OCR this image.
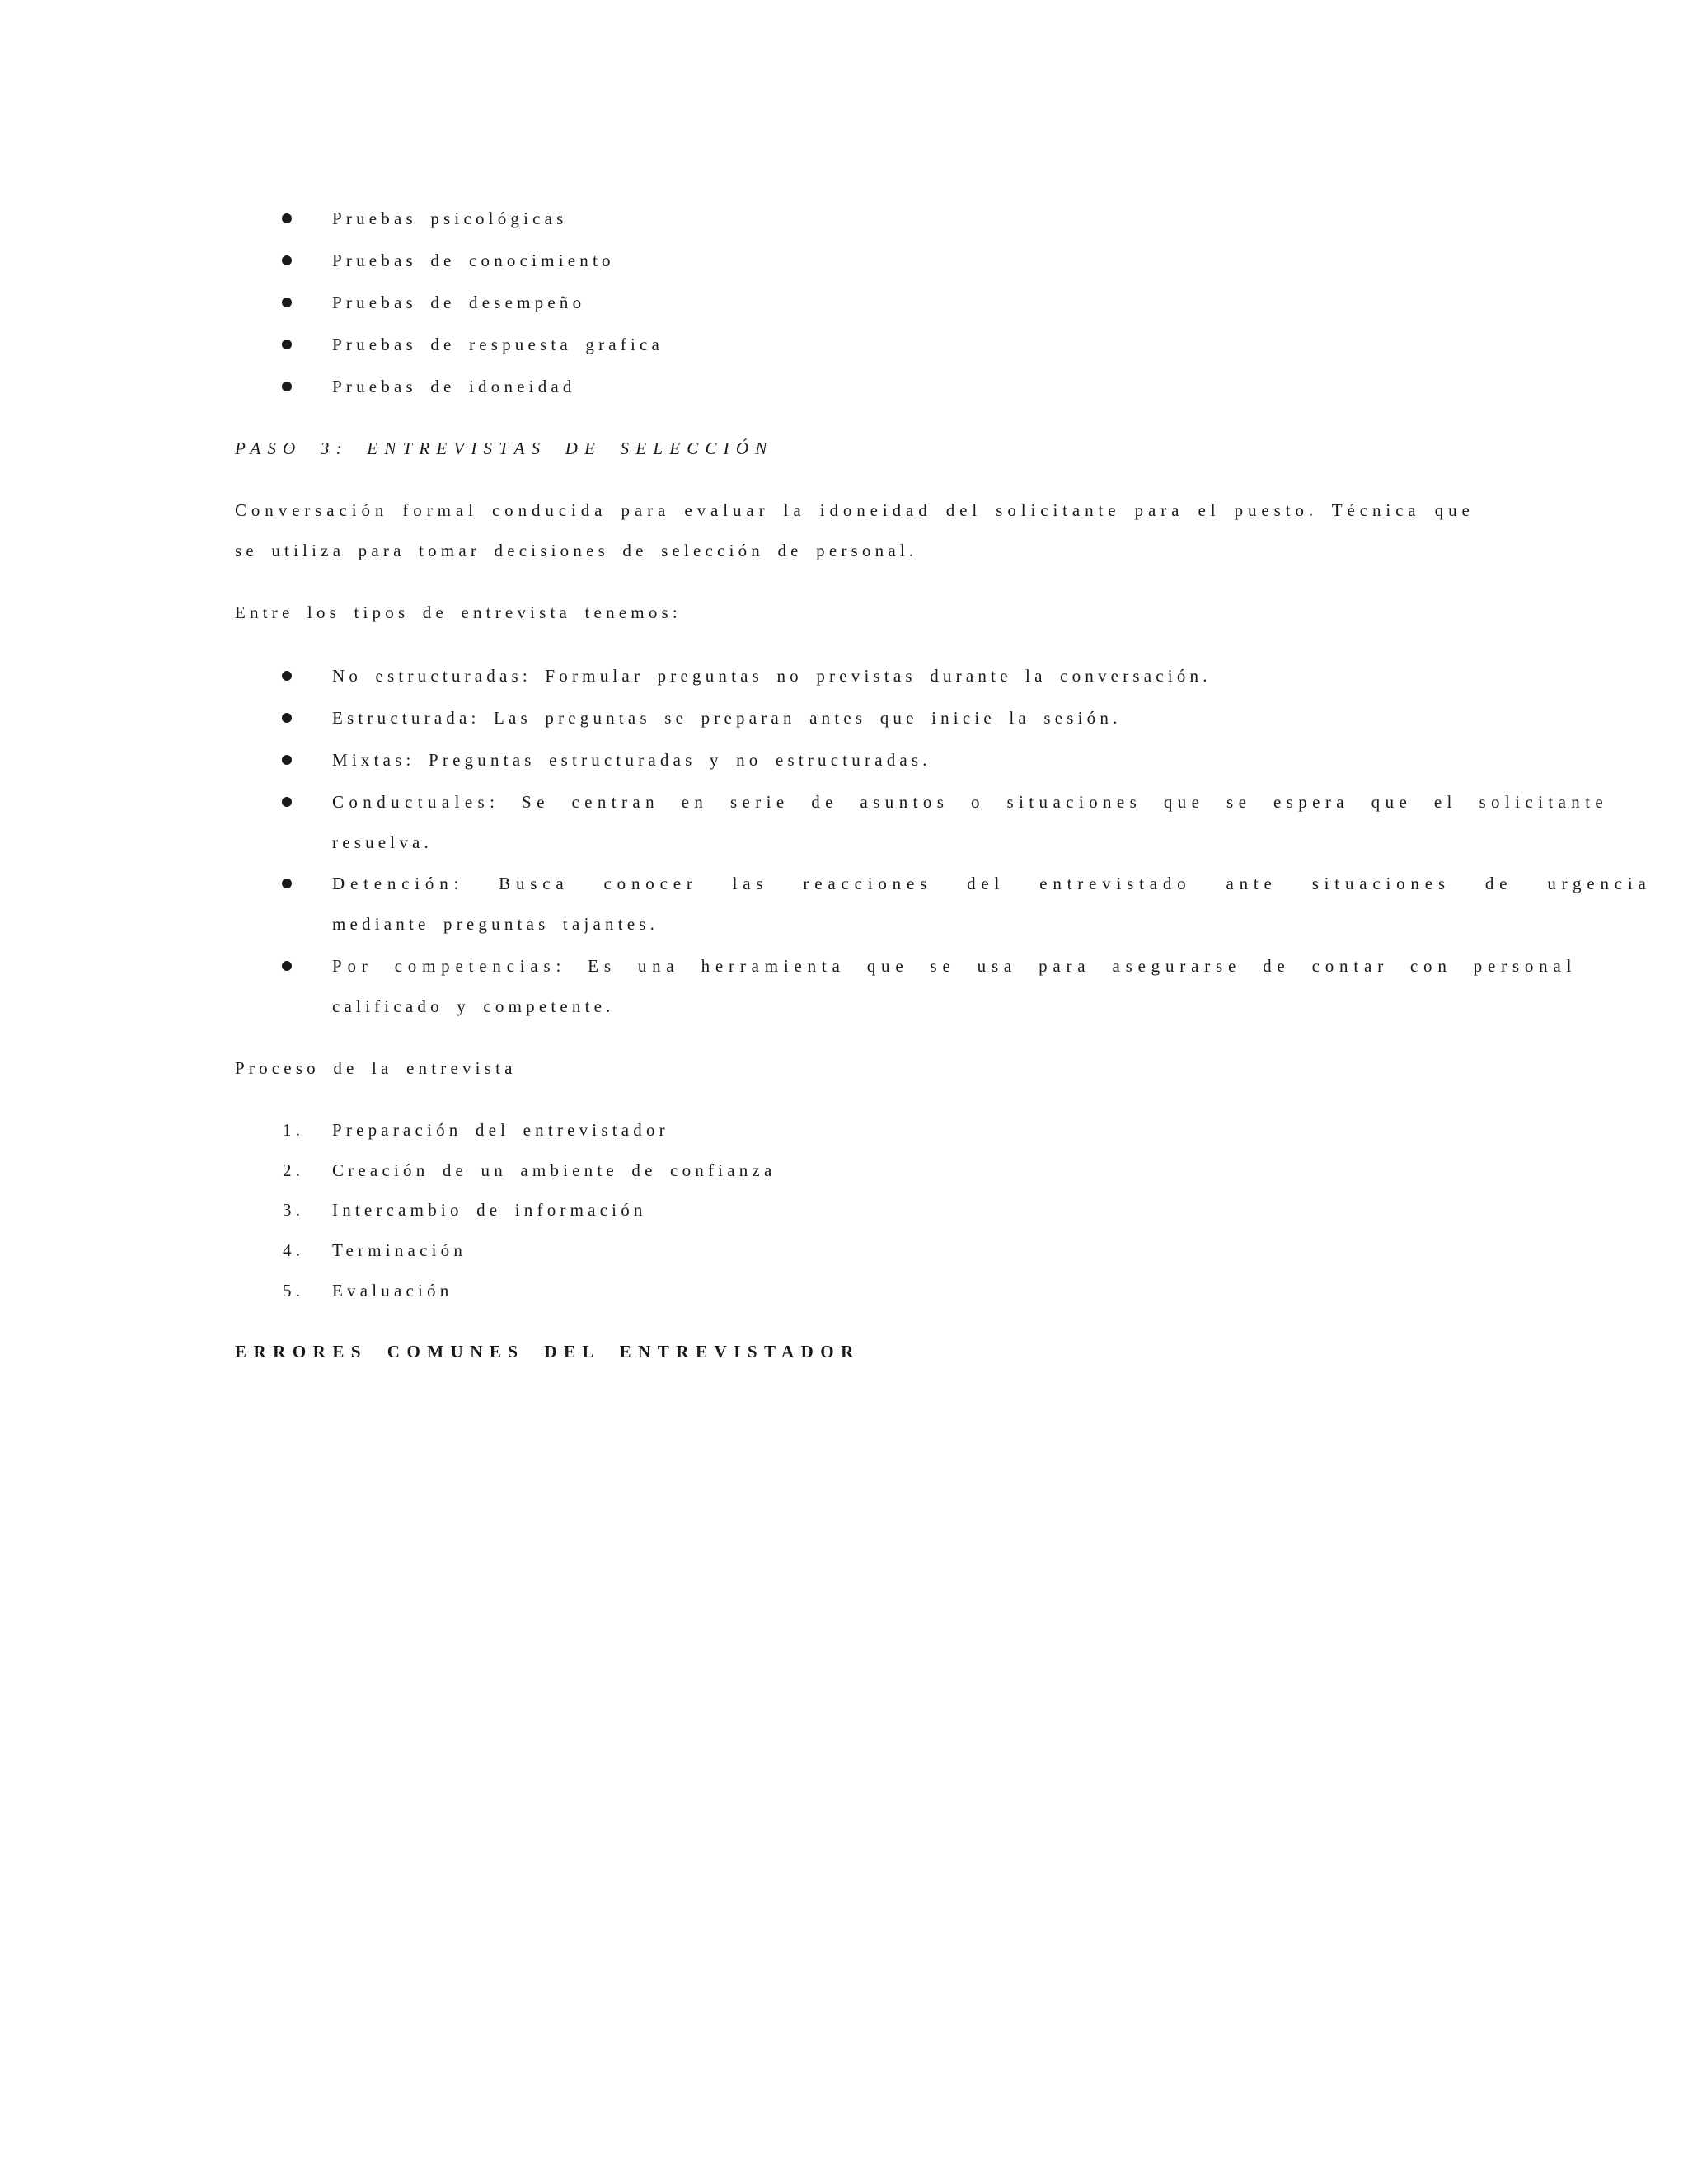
Pruebas psicológicas
Pruebas de conocimiento
Pruebas de desempeño
Pruebas de respuesta grafica
Pruebas de idoneidad
PASO 3: ENTREVISTAS DE SELECCIÓN
Conversación formal conducida para evaluar la idoneidad del solicitante para el puesto. Técnica que
se utiliza para tomar decisiones de selección de personal.
Entre los tipos de entrevista tenemos:
No estructuradas: Formular preguntas no previstas durante la conversación.
Estructurada: Las preguntas se preparan antes que inicie la sesión.
Mixtas: Preguntas estructuradas y no estructuradas.
Conductuales: Se centran en serie de asuntos o situaciones que se espera que el solicitante
resuelva.
Detención: Busca conocer las reacciones del entrevistado ante situaciones de urgencia
mediante preguntas tajantes.
Por competencias: Es una herramienta que se usa para asegurarse de contar con personal
calificado y competente.
Proceso de la entrevista
1. Preparación del entrevistador
2. Creación de un ambiente de confianza
3. Intercambio de información
4. Terminación
5. Evaluación
ERRORES COMUNES DEL ENTREVISTADOR
